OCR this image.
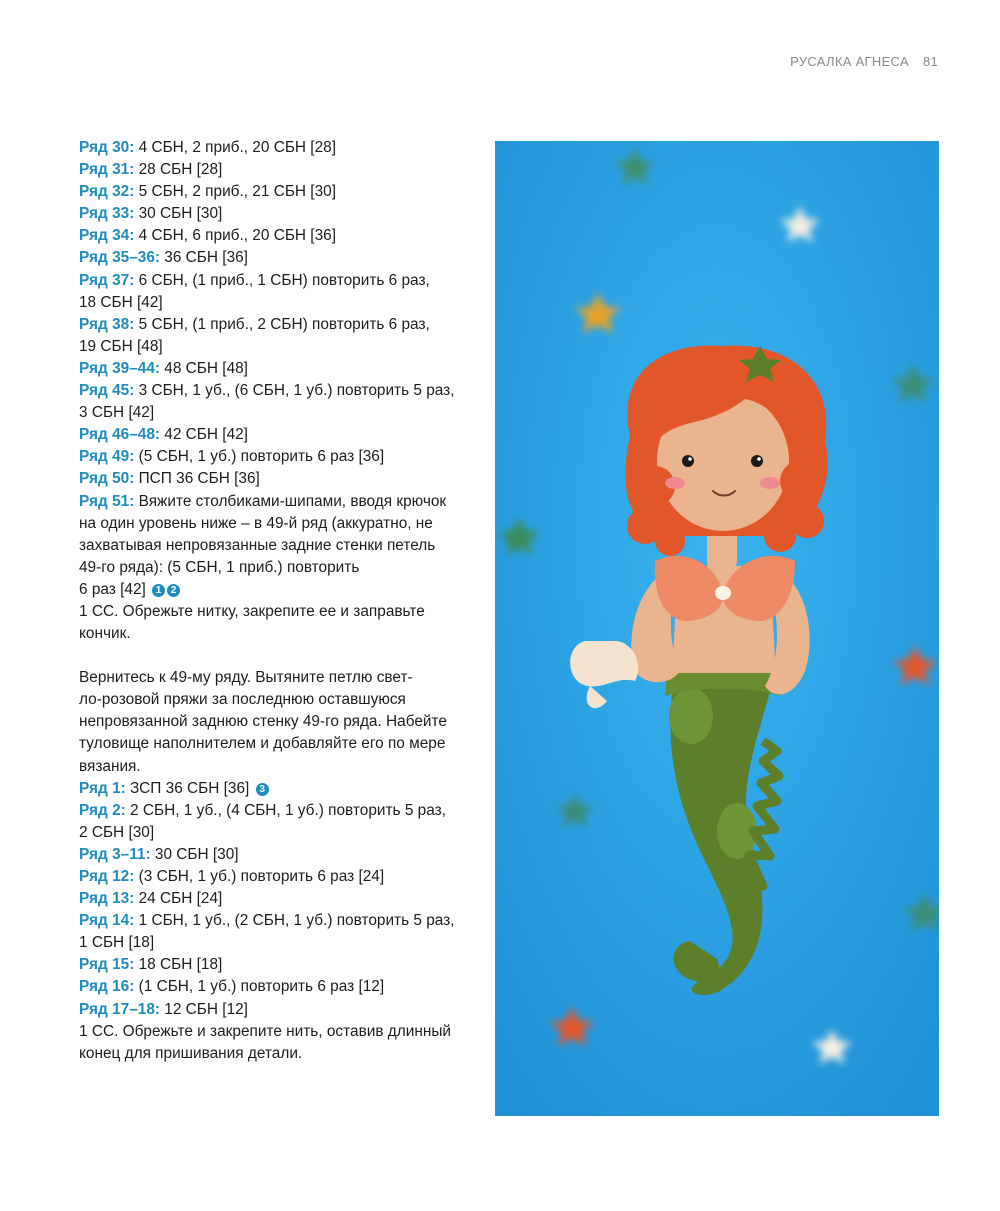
РУСАЛКА АГНЕСА 81
Ряд 30: 4 СБН, 2 приб., 20 СБН [28]
Ряд 31: 28 СБН [28]
Ряд 32: 5 СБН, 2 приб., 21 СБН [30]
Ряд 33: 30 СБН [30]
Ряд 34: 4 СБН, 6 приб., 20 СБН [36]
Ряд 35–36: 36 СБН [36]
Ряд 37: 6 СБН, (1 приб., 1 СБН) повторить 6 раз,
18 СБН [42]
Ряд 38: 5 СБН, (1 приб., 2 СБН) повторить 6 раз,
19 СБН [48]
Ряд 39–44: 48 СБН [48]
Ряд 45: 3 СБН, 1 уб., (6 СБН, 1 уб.) повторить 5 раз,
3 СБН [42]
Ряд 46–48: 42 СБН [42]
Ряд 49: (5 СБН, 1 уб.) повторить 6 раз [36]
Ряд 50: ПСП 36 СБН [36]
Ряд 51: Вяжите столбиками-шипами, вводя крючок
на один уровень ниже – в 49-й ряд (аккуратно, не
захватывая непровязанные задние стенки петель
49-го ряда): (5 СБН, 1 приб.) повторить
6 раз [42] 1 2
1 СС. Обрежьте нитку, закрепите ее и заправьте
кончик.
Вернитесь к 49-му ряду. Вытяните петлю свет-
ло-розовой пряжи за последнюю оставшуюся
непровязанной заднюю стенку 49-го ряда. Набейте
туловище наполнителем и добавляйте его по мере
вязания.
Ряд 1: ЗСП 36 СБН [36] 3
Ряд 2: 2 СБН, 1 уб., (4 СБН, 1 уб.) повторить 5 раз,
2 СБН [30]
Ряд 3–11: 30 СБН [30]
Ряд 12: (3 СБН, 1 уб.) повторить 6 раз [24]
Ряд 13: 24 СБН [24]
Ряд 14: 1 СБН, 1 уб., (2 СБН, 1 уб.) повторить 5 раз,
1 СБН [18]
Ряд 15: 18 СБН [18]
Ряд 16: (1 СБН, 1 уб.) повторить 6 раз [12]
Ряд 17–18: 12 СБН [12]
1 СС. Обрежьте и закрепите нить, оставив длинный
конец для пришивания детали.
